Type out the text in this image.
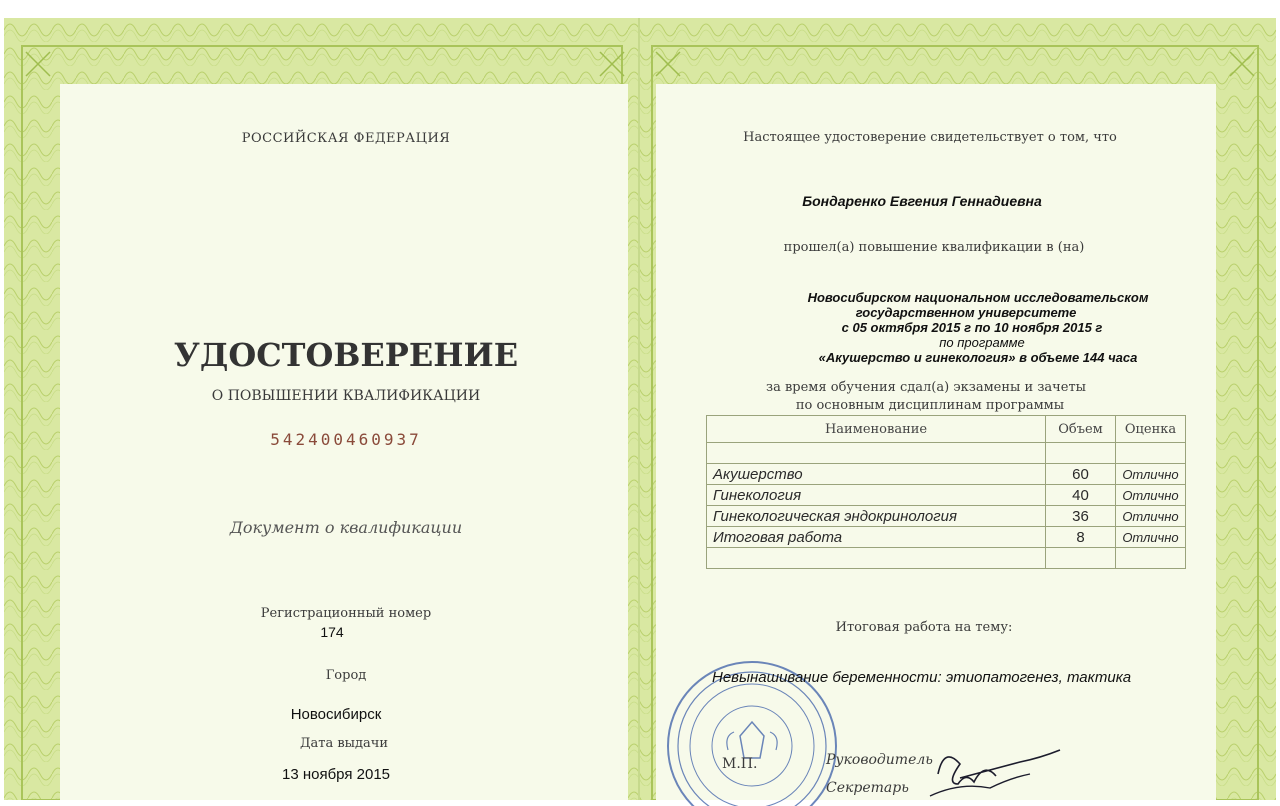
РОССИЙСКАЯ ФЕДЕРАЦИЯ
УДОСТОВЕРЕНИЕ
О ПОВЫШЕНИИ КВАЛИФИКАЦИИ
542400460937
Документ о квалификации
Регистрационный номер
174
Город
Новосибирск
Дата выдачи
13 ноября 2015
Настоящее удостоверение свидетельствует о том, что
Бондаренко Евгения Геннадиевна
прошел(а) повышение квалификации в (на)
Новосибирском национальном исследовательском
государственном университете
с 05 октября 2015 г по 10 ноября 2015 г
по программе
«Акушерство и гинекология» в объеме 144 часа
за время обучения сдал(а) экзамены и зачеты
по основным дисциплинам программы
Наименование	Объем	Оценка

Акушерство	60	Отлично
Гинекология	40	Отлично
Гинекологическая эндокринология	36	Отлично
Итоговая работа	8	Отлично

Итоговая работа на тему:
Невынашивание беременности: этиопатогенез, тактика
М.П.	Руководитель
Секретарь
